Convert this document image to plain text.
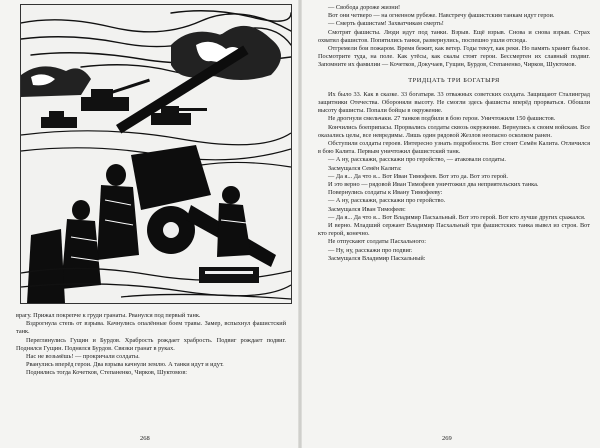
врагу. Прижал покрепче к груди гранаты. Рванулся под первый танк.

Вздрогнула степь от взрыва. Качнулись опалённые боем травы. Замер, вспыхнул фашистский танк.

Переглянулись Гущин и Бурдов. Храбрость рождает храбрость. Подвиг рождает подвиг. Поднялся Гущин. Поднялся Бурдов. Связки гранат в руках.

Нас не возьмёшь! — прокричали солдаты.

Рванулись вперёд герои. Два взрыва качнули землю. А танки идут и идут.

Поднялись тогда Кочетков, Степаненко, Чирков, Шуктомов:

268

— Свобода дороже жизни!

Вот они четверо — на огненном рубеже. Навстречу фашистским танкам идут герои.

— Смерть фашистам! Захватчикам смерть!

Смотрят фашисты. Люди идут под танки. Взрыв. Ещё взрыв. Снова и снова взрыв. Страх охватил фашистов. Попятились танки, развернулись, поспешно ушли отсюда.

Отгремели бои пожаром. Время бежит, как ветер. Годы текут, как реки. Но память хранит былое. Посмотрите туда, на поле. Как утёсы, как скалы стоят герои. Бессмертен их славный подвиг. Запомните их фамилии — Кочетков, Докучаев, Гущин, Бурдов, Степаненко, Чирков, Шуктомов.

ТРИДЦАТЬ ТРИ БОГАТЫРЯ

Их было 33. Как в сказке. 33 богатыря. 33 отважных советских солдата. Защищают Сталинград защитники Отечества. Обороняли высоту. Не смогли здесь фашисты вперёд прорваться. Обошли высоту фашисты. Попали бойцы в окружение.

Не дрогнули смельчаки. 27 танков подбили в бою герои. Уничтожили 150 фашистов.

Кончились боеприпасы. Прорвались солдаты сквозь окружение. Вернулись к своим войскам. Все оказались целы, все невредимы. Лишь один рядовой Жезлов неопасно осколком ранен.

Обступили солдаты героев. Интересно узнать подробности. Вот стоит Семён Калита. Отличился в бою Калита. Первым уничтожил фашистский танк.

— А ну, расскажи, расскажи про геройство, — атаковали солдаты.

Засмущался Семён Калита:

— Да я... Да что я... Вот Иван Тимофеев. Вот это да. Вот это герой.

И это верно — рядовой Иван Тимофеев уничтожил два неприятельских танка.

Повернулись солдаты к Ивану Тимофееву:

— А ну, расскажи, расскажи про геройство.

Засмущался Иван Тимофеев:

— Да я... Да что я... Вот Владимир Пасхальный. Вот это герой. Вот кто лучше других сражался.

И верно. Младший сержант Владимир Пасхальный три фашистских танка вывел из строя. Вот кто герой, конечно.

Не отпускают солдаты Пасхального:

— Ну, ну, расскажи про подвиг.

Засмущался Владимир Пасхальный:

269
